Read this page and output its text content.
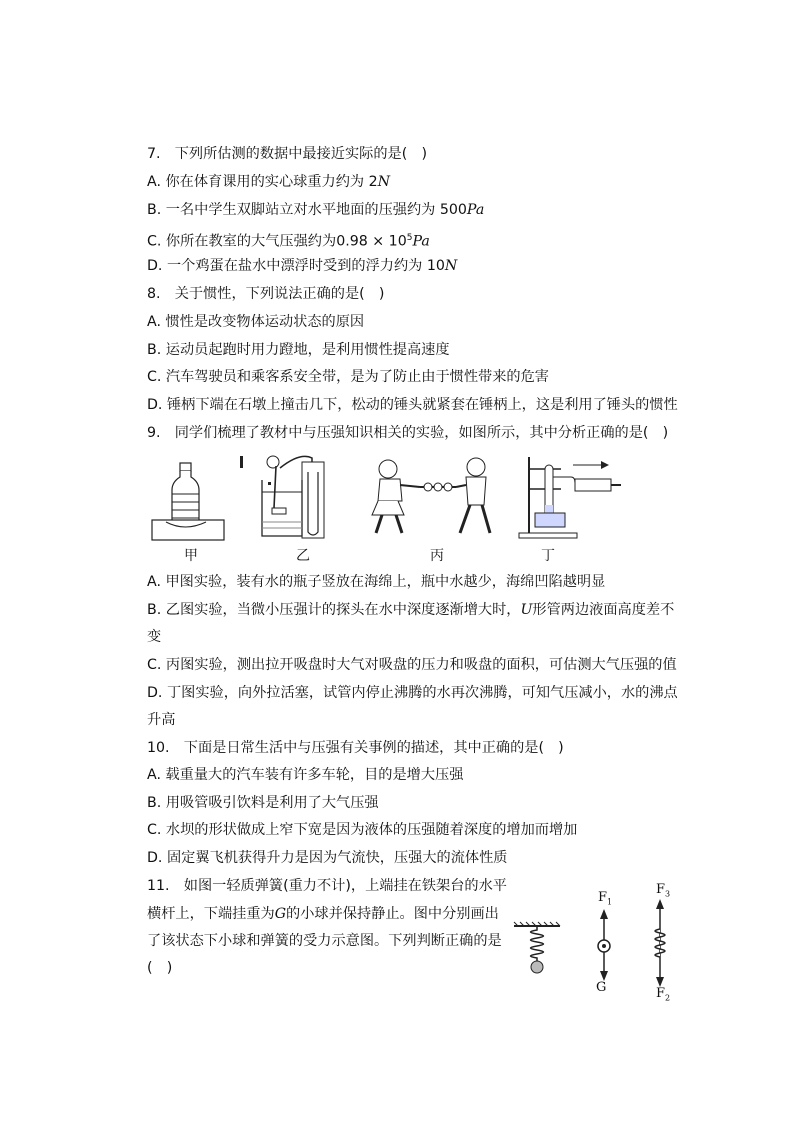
7.　下列所估测的数据中最接近实际的是(　)
A. 你在体育课用的实心球重力约为 2N
B. 一名中学生双脚站立对水平地面的压强约为 500Pa
C. 你所在教室的大气压强约为$0.98 \times 10^5Pa$
D. 一个鸡蛋在盐水中漂浮时受到的浮力约为 10N
8.　关于惯性，下列说法正确的是(　)
A. 惯性是改变物体运动状态的原因
B. 运动员起跑时用力蹬地，是利用惯性提高速度
C. 汽车驾驶员和乘客系安全带，是为了防止由于惯性带来的危害
D. 锤柄下端在石墩上撞击几下，松动的锤头就紧套在锤柄上，这是利用了锤头的惯性
9.　同学们梳理了教材中与压强知识相关的实验，如图所示，其中分析正确的是(　)
甲	乙	丙	丁
A. 甲图实验，装有水的瓶子竖放在海绵上，瓶中水越少，海绵凹陷越明显
B. 乙图实验，当微小压强计的探头在水中深度逐渐增大时，U形管两边液面高度差不
变
C. 丙图实验，测出拉开吸盘时大气对吸盘的压力和吸盘的面积，可估测大气压强的值
D. 丁图实验，向外拉活塞，试管内停止沸腾的水再次沸腾，可知气压减小，水的沸点
升高
10.　下面是日常生活中与压强有关事例的描述，其中正确的是(　)
A. 载重量大的汽车装有许多车轮，目的是增大压强
B. 用吸管吸引饮料是利用了大气压强
C. 水坝的形状做成上窄下宽是因为液体的压强随着深度的增加而增加
D. 固定翼飞机获得升力是因为气流快，压强大的流体性质
11.　如图一轻质弹簧(重力不计)，上端挂在铁架台的水平
横杆上，下端挂重为G的小球并保持静止。图中分别画出
了该状态下小球和弹簧的受力示意图。下列判断正确的是
(　)
$F_1$
G
$F_3$
$F_2$
